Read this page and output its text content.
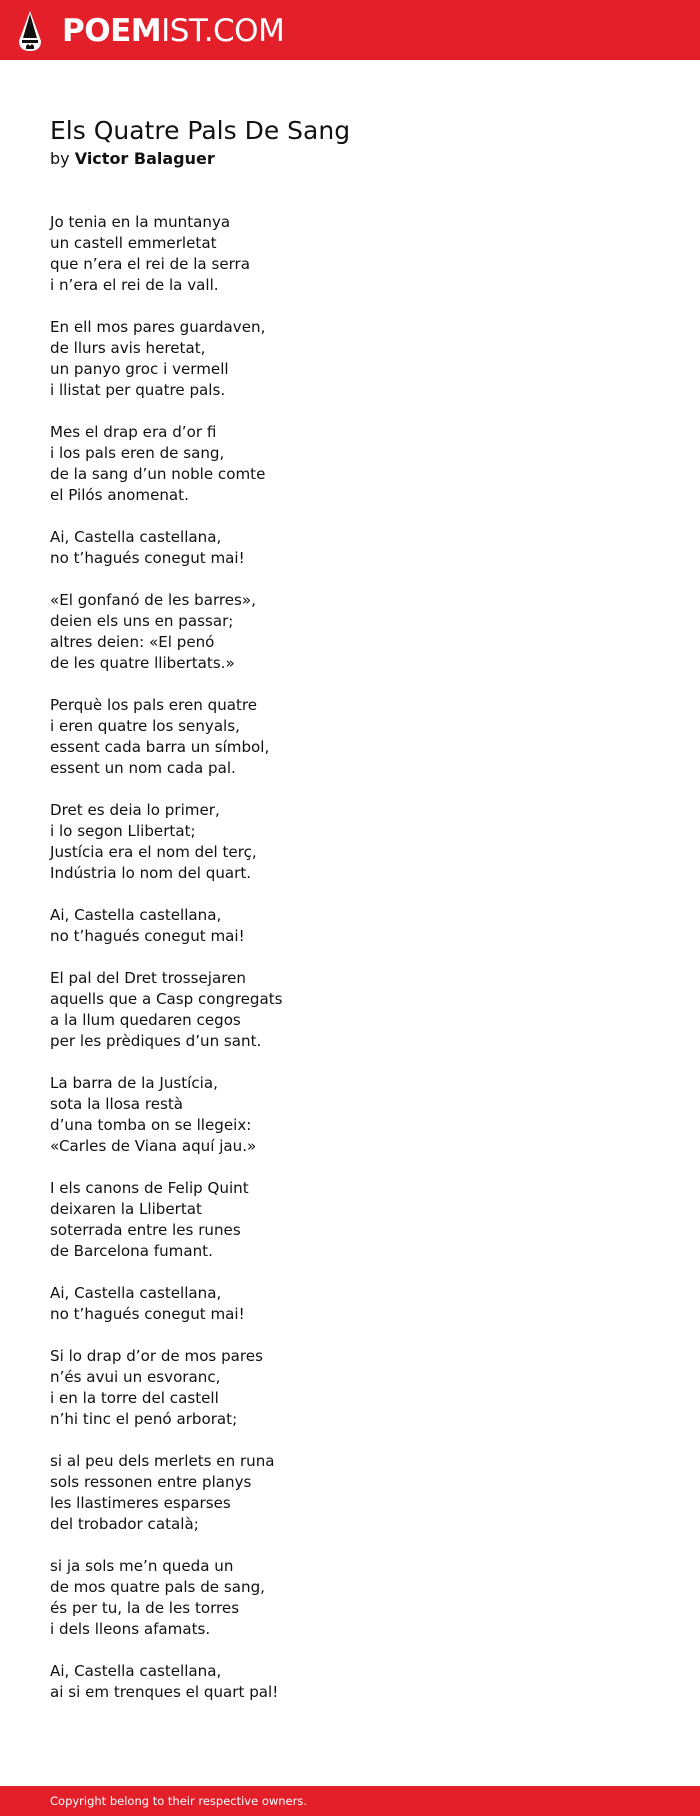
POEMIST.COM
Els Quatre Pals De Sang
by Victor Balaguer
Jo tenia en la muntanya
un castell emmerletat
que n’era el rei de la serra
i n’era el rei de la vall.
En ell mos pares guardaven,
de llurs avis heretat,
un panyo groc i vermell
i llistat per quatre pals.
Mes el drap era d’or fi
i los pals eren de sang,
de la sang d’un noble comte
el Pilós anomenat.
Ai, Castella castellana,
no t’hagués conegut mai!
«El gonfanó de les barres»,
deien els uns en passar;
altres deien: «El penó
de les quatre llibertats.»
Perquè los pals eren quatre
i eren quatre los senyals,
essent cada barra un símbol,
essent un nom cada pal.
Dret es deia lo primer,
i lo segon Llibertat;
Justícia era el nom del terç,
Indústria lo nom del quart.
Ai, Castella castellana,
no t’hagués conegut mai!
El pal del Dret trossejaren
aquells que a Casp congregats
a la llum quedaren cegos
per les prèdiques d’un sant.
La barra de la Justícia,
sota la llosa restà
d’una tomba on se llegeix:
«Carles de Viana aquí jau.»
I els canons de Felip Quint
deixaren la Llibertat
soterrada entre les runes
de Barcelona fumant.
Ai, Castella castellana,
no t’hagués conegut mai!
Si lo drap d’or de mos pares
n’és avui un esvoranc,
i en la torre del castell
n’hi tinc el penó arborat;
si al peu dels merlets en runa
sols ressonen entre planys
les llastimeres esparses
del trobador català;
si ja sols me’n queda un
de mos quatre pals de sang,
és per tu, la de les torres
i dels lleons afamats.
Ai, Castella castellana,
ai si em trenques el quart pal!
Copyright belong to their respective owners.
